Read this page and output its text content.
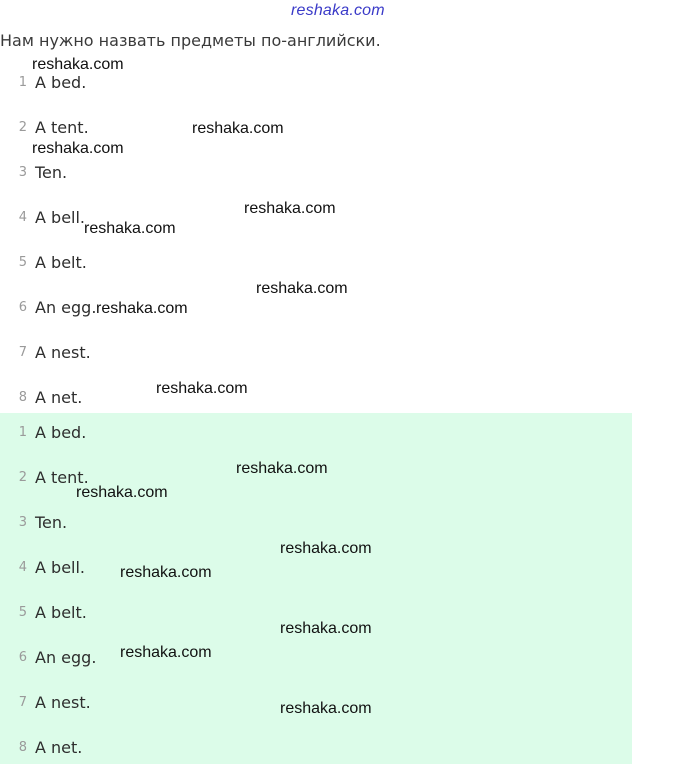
reshaka.com
Нам нужно назвать предметы по-английски.
1 A bed.
2 A tent.
3 Ten.
4 A bell.
5 A belt.
6 An egg.
7 A nest.
8 A net.
1 A bed.
2 A tent.
3 Ten.
4 A bell.
5 A belt.
6 An egg.
7 A nest.
8 A net.
reshaka.com
reshaka.com
reshaka.com
reshaka.com
reshaka.com
reshaka.com
reshaka.com
reshaka.com
reshaka.com
reshaka.com
reshaka.com
reshaka.com
reshaka.com
reshaka.com
reshaka.com
